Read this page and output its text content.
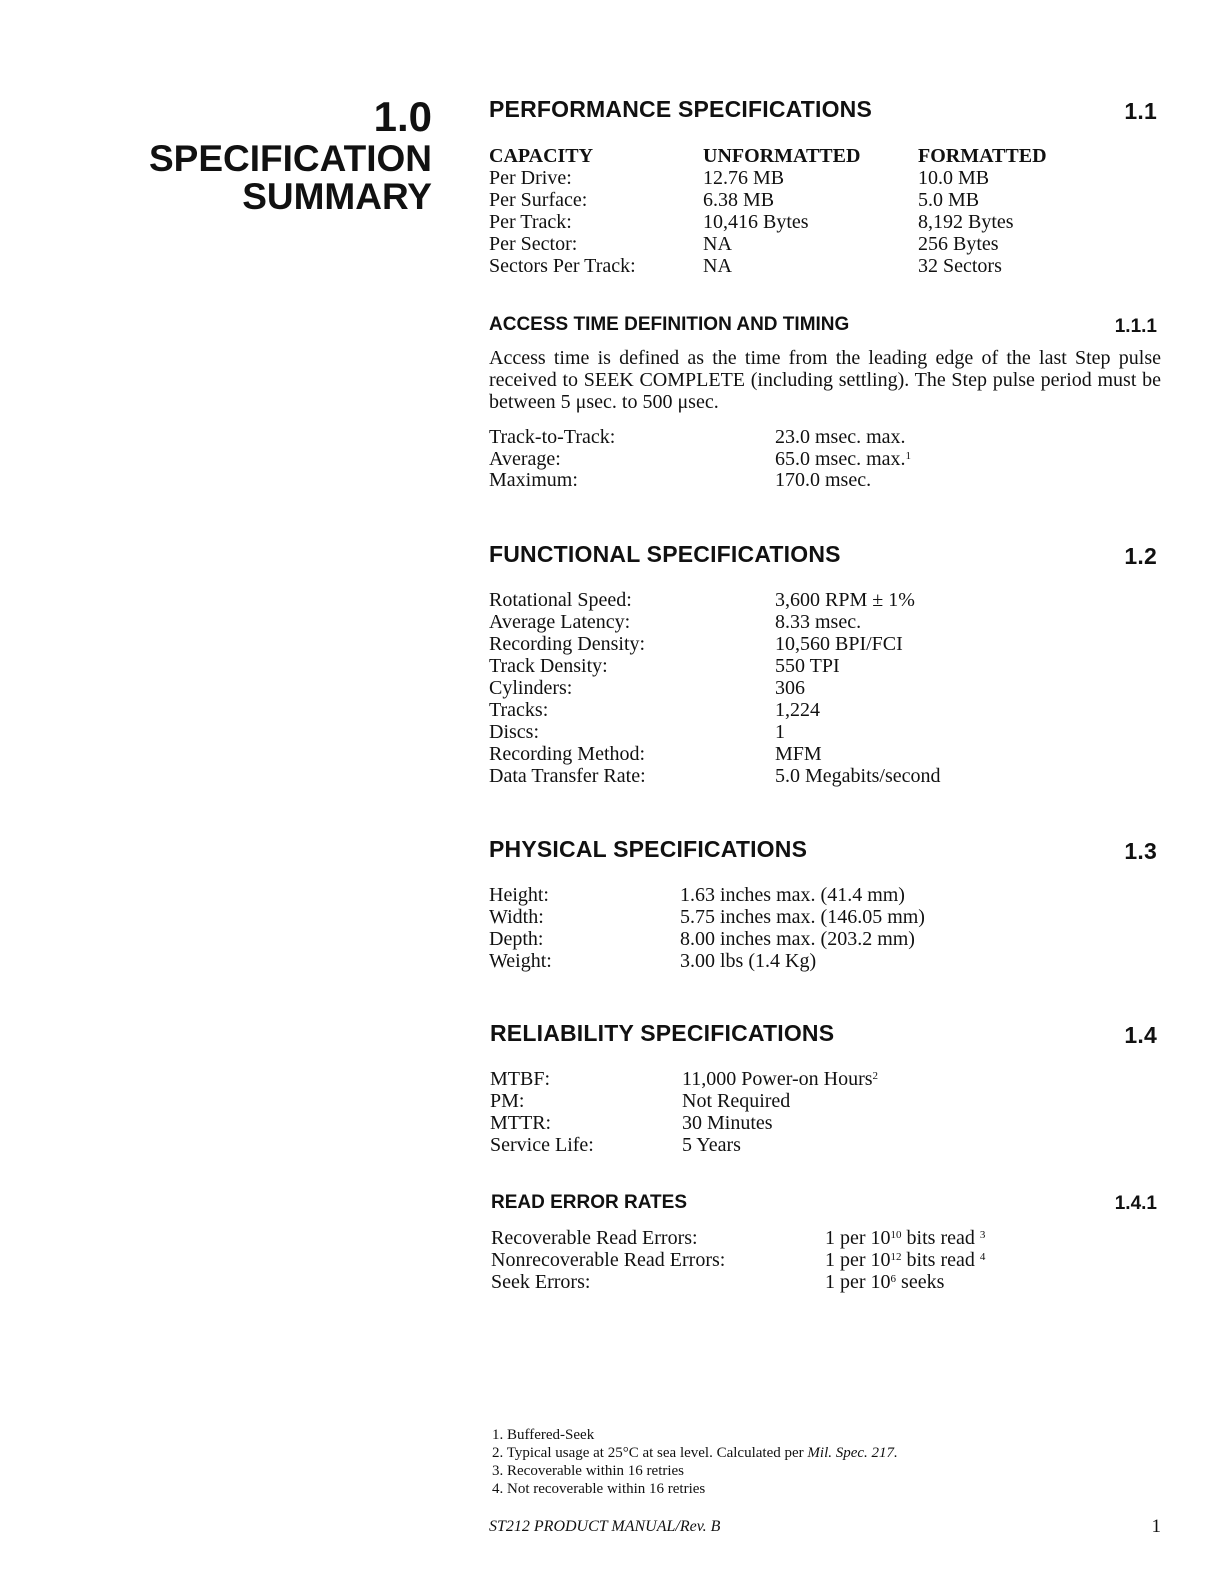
1.0
SPECIFICATION
SUMMARY
PERFORMANCE SPECIFICATIONS	1.1
CAPACITY	UNFORMATTED	FORMATTED
Per Drive:	12.76 MB	10.0 MB
Per Surface:	6.38 MB	5.0 MB
Per Track:	10,416 Bytes	8,192 Bytes
Per Sector:	NA	256 Bytes
Sectors Per Track:	NA	32 Sectors
ACCESS TIME DEFINITION AND TIMING	1.1.1
Access time is defined as the time from the leading edge of the last Step pulse received to SEEK COMPLETE (including settling). The Step pulse period must be between 5 μsec. to 500 μsec.
Track-to-Track:	23.0 msec. max.
Average:	65.0 msec. max.$^1$
Maximum:	170.0 msec.
FUNCTIONAL SPECIFICATIONS	1.2
Rotational Speed:	3,600 RPM ± 1%
Average Latency:	8.33 msec.
Recording Density:	10,560 BPI/FCI
Track Density:	550 TPI
Cylinders:	306
Tracks:	1,224
Discs:	1
Recording Method:	MFM
Data Transfer Rate:	5.0 Megabits/second
PHYSICAL SPECIFICATIONS	1.3
Height:	1.63 inches max. (41.4 mm)
Width:	5.75 inches max. (146.05 mm)
Depth:	8.00 inches max. (203.2 mm)
Weight:	3.00 lbs (1.4 Kg)
RELIABILITY SPECIFICATIONS	1.4
MTBF:	11,000 Power-on Hours$^2$
PM:	Not Required
MTTR:	30 Minutes
Service Life:	5 Years
READ ERROR RATES	1.4.1
Recoverable Read Errors:	1 per $10^{10}$ bits read $^3$
Nonrecoverable Read Errors:	1 per $10^{12}$ bits read $^4$
Seek Errors:	1 per $10^6$ seeks
1. Buffered-Seek
2. Typical usage at 25°C at sea level. Calculated per Mil. Spec. 217.
3. Recoverable within 16 retries
4. Not recoverable within 16 retries
ST212 PRODUCT MANUAL/Rev. B	1
